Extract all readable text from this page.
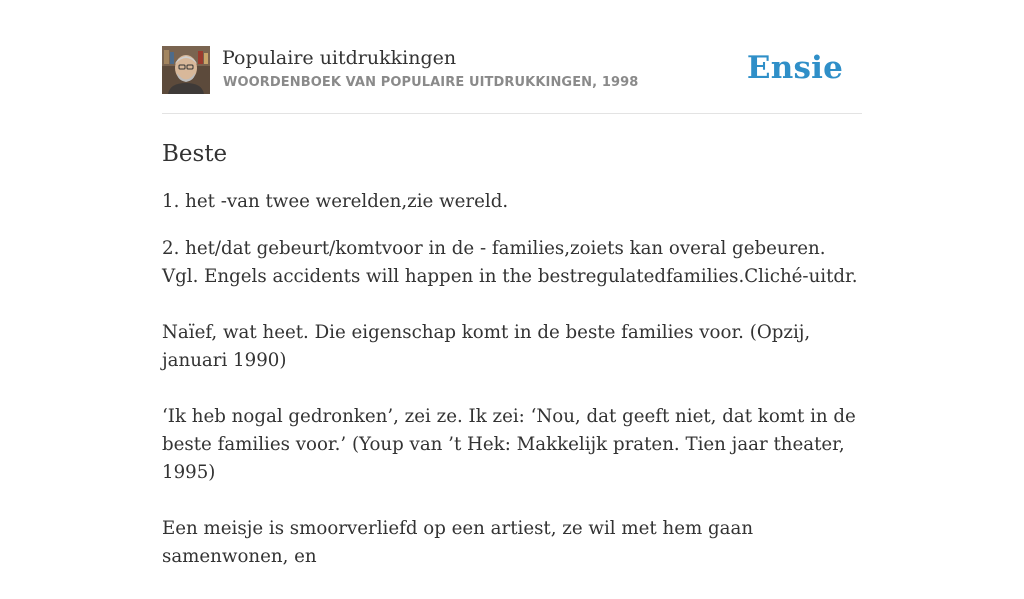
Populaire uitdrukkingen
WOORDENBOEK VAN POPULAIRE UITDRUKKINGEN, 1998	Ensie
Beste

1. het -van twee werelden,zie wereld.

2. het/dat gebeurt/komtvoor in de - families,zoiets kan overal gebeuren. Vgl. Engels accidents will happen in the bestregulatedfamilies.Cliché-uitdr.

Naïef, wat heet. Die eigenschap komt in de beste families voor. (Opzij, januari 1990)

‘Ik heb nogal gedronken’, zei ze. Ik zei: ‘Nou, dat geeft niet, dat komt in de beste families voor.’ (Youp van ’t Hek: Makkelijk praten. Tien jaar theater, 1995)

Een meisje is smoorverliefd op een artiest, ze wil met hem gaan samenwonen, en
